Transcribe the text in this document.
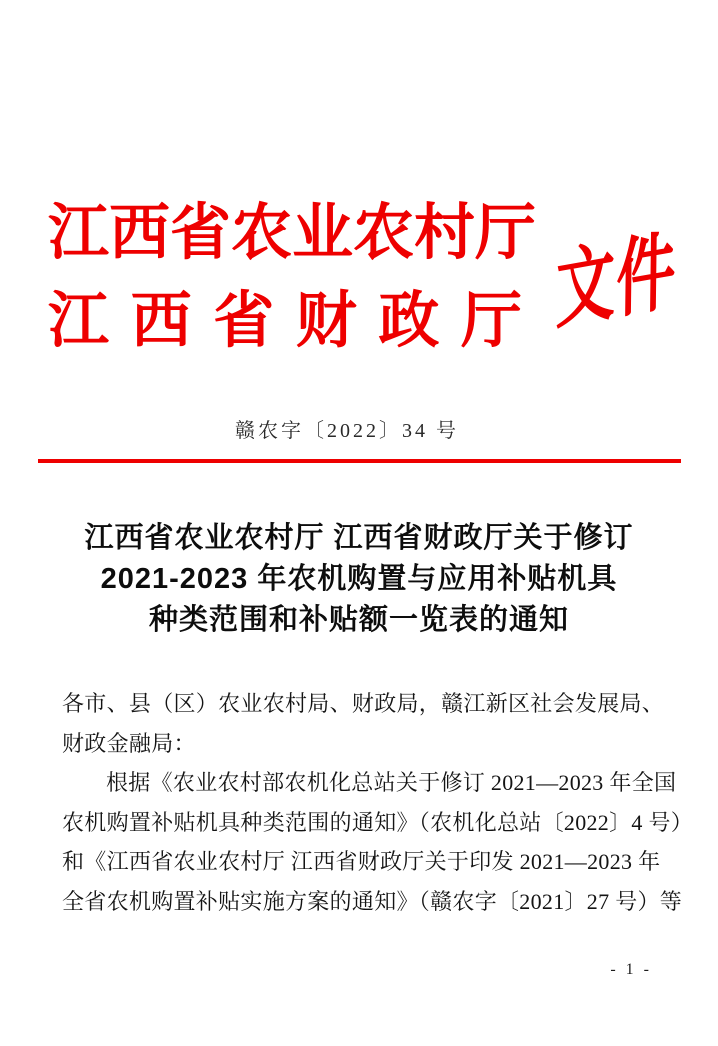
江西省农业农村厅
江西省财政厅 文件
赣农字〔2022〕34 号
江西省农业农村厅 江西省财政厅关于修订
2021-2023 年农机购置与应用补贴机具
种类范围和补贴额一览表的通知
各市、县（区）农业农村局、财政局，赣江新区社会发展局、
财政金融局：
根据《农业农村部农机化总站关于修订 2021—2023 年全国
农机购置补贴机具种类范围的通知》（农机化总站〔2022〕4 号）
和《江西省农业农村厅 江西省财政厅关于印发 2021—2023 年
全省农机购置补贴实施方案的通知》（赣农字〔2021〕27 号）等
- 1 -
